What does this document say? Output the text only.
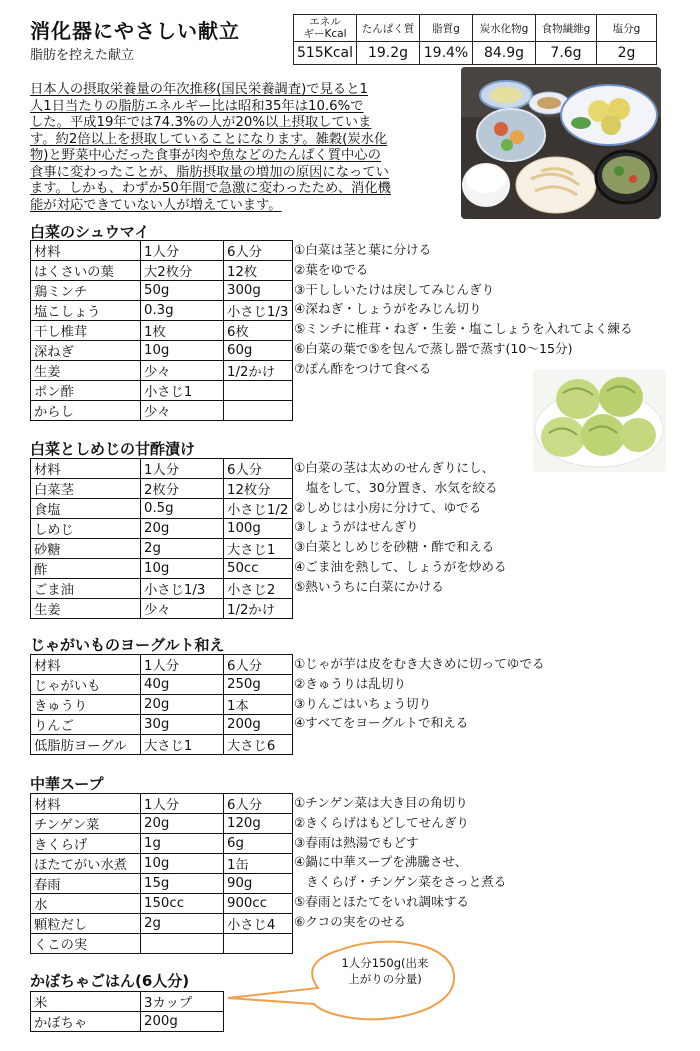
消化器にやさしい献立
脂肪を控えた献立
エネル
ギーKcal	たんぱく質	脂質g	炭水化物g	食物繊維g	塩分g
515Kcal	19.2g	19.4%	84.9g	7.6g	2g
日本人の摂取栄養量の年次推移(国民栄養調査)で見ると1
人1日当たりの脂肪エネルギー比は昭和35年は10.6%で
した。平成19年では74.3%の人が20%以上摂取していま
す。約2倍以上を摂取していることになります。雑穀(炭水化
物)と野菜中心だった食事が肉や魚などのたんぱく質中心の
食事に変わったことが、脂肪摂取量の増加の原因になってい
ます。しかも、わずか50年間で急激に変わったため、消化機
能が対応できていない人が増えています。
白菜のシュウマイ
材料	1人分	6人分
はくさいの葉	大2枚分	12枚
鶏ミンチ	50g	300g
塩こしょう	0.3g	小さじ1/3
干し椎茸	1枚	6枚
深ねぎ	10g	60g
生姜	少々	1/2かけ
ポン酢	小さじ1	
からし	少々	
①白菜は茎と葉に分ける
②葉をゆでる
③干ししいたけは戻してみじんぎり
④深ねぎ・しょうがをみじん切り
⑤ミンチに椎茸・ねぎ・生姜・塩こしょうを入れてよく練る
⑥白菜の葉で⑤を包んで蒸し器で蒸す(10～15分)
⑦ぽん酢をつけて食べる
白菜としめじの甘酢漬け
材料	1人分	6人分
白菜茎	2枚分	12枚分
食塩	0.5g	小さじ1/2
しめじ	20g	100g
砂糖	2g	大さじ1
酢	10g	50cc
ごま油	小さじ1/3	小さじ2
生姜	少々	1/2かけ
①白菜の茎は太めのせんぎりにし、
塩をして、30分置き、水気を絞る
②しめじは小房に分けて、ゆでる
③しょうがはせんぎり
③白菜としめじを砂糖・酢で和える
④ごま油を熱して、しょうがを炒める
⑤熱いうちに白菜にかける
じゃがいものヨーグルト和え
材料	1人分	6人分
じゃがいも	40g	250g
きゅうり	20g	1本
りんご	30g	200g
低脂肪ヨーグル	大さじ1	大さじ6
①じゃが芋は皮をむき大きめに切ってゆでる
②きゅうりは乱切り
③りんごはいちょう切り
④すべてをヨーグルトで和える
中華スープ
材料	1人分	6人分
チンゲン菜	20g	120g
きくらげ	1g	6g
ほたてがい水煮	10g	1缶
春雨	15g	90g
水	150cc	900cc
顆粒だし	2g	小さじ4
くこの実		
①チンゲン菜は大き目の角切り
②きくらげはもどしてせんぎり
③春雨は熱湯でもどす
④鍋に中華スープを沸騰させ、
きくらげ・チンゲン菜をさっと煮る
⑤春雨とほたてをいれ調味する
⑥クコの実をのせる
かぼちゃごはん(6人分)
米	3カップ
かぼちゃ	200g
1人分150g(出来
上がりの分量)
